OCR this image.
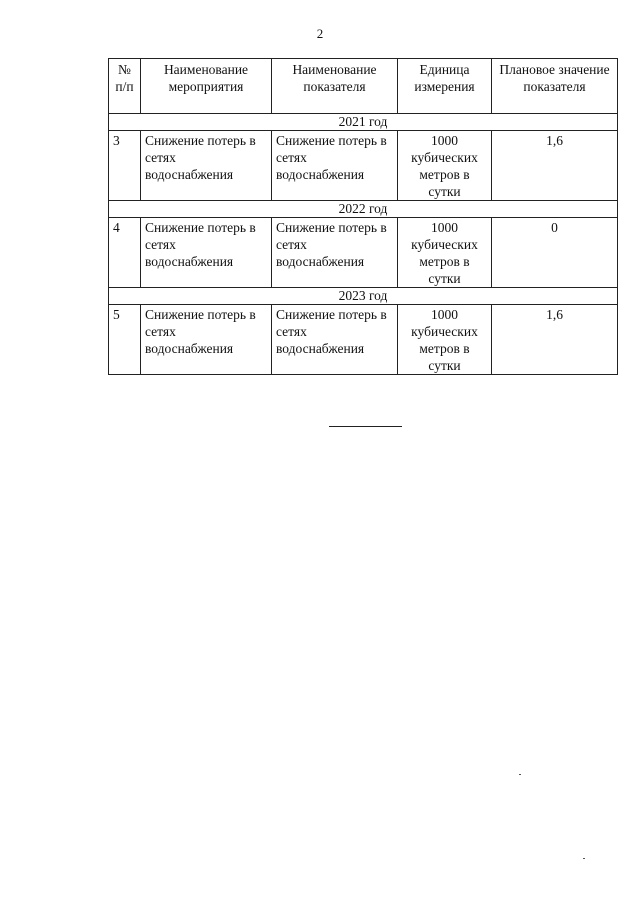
2
№ п/п	Наименование мероприятия	Наименование показателя	Единица измерения	Плановое значение показателя
2021 год				
3	Снижение потерь в сетях водоснабжения	Снижение потерь в сетях водоснабжения	1000 кубических метров в сутки	1,6
2022 год				
4	Снижение потерь в сетях водоснабжения	Снижение потерь в сетях водоснабжения	1000 кубических метров в сутки	0
2023 год				
5	Снижение потерь в сетях водоснабжения	Снижение потерь в сетях водоснабжения	1000 кубических метров в сутки	1,6
